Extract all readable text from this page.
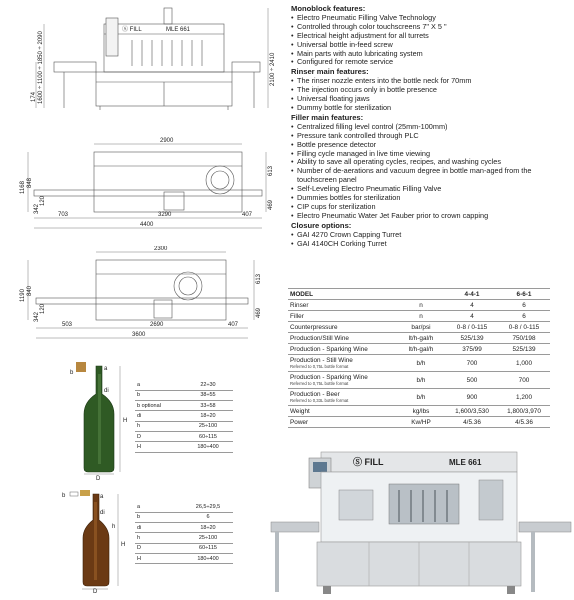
Ⓢ FILL	MLE 661
1600 ÷ 1100 ÷ 1850 ÷ 2090
174
2100 ÷ 2410
2900
1168 848
342
120
613
469
703	3290	407
4400
2300
1190 840
342
120
613
469
503	2690	407
3600
a
b
di
H
D
a	22÷30
b	38÷55
b optional	33÷58
di	18÷20
h	25÷100
D	60÷115
H	180÷400
b	a
di
h
H
D
a	26,5÷29,5
b	6
di	18÷20
h	25÷100
D	60÷115
H	180÷400
Monoblock features:
• Electro Pneumatic Filling Valve Technology
• Controlled through color touchscreens 7" X 5 "
• Electrical height adjustment for all turrets
• Universal bottle in-feed screw
• Main parts with auto lubricating system
• Configured for remote service
Rinser main features:
• The rinser nozzle enters into the bottle neck for 70mm
• The injection occurs only in bottle presence
• Universal floating jaws
• Dummy bottle for sterilization
Filler main features:
• Centralized filling level control (25mm-100mm)
• Pressure tank controlled through PLC
• Bottle presence detector
• Filling cycle managed in live time viewing
• Ability to save all operating cycles, recipes, and washing cycles
• Number of de-aerations and vacuum degree in bottle man-aged from the touchscreen panel
• Self-Leveling Electro Pneumatic Filling Valve
• Dummies bottles for sterilization
• CIP cups for sterilization
• Electro Pneumatic Water Jet Fauber prior to crown capping
Closure options:
• GAI 4270 Crown Capping Turret
• GAI 4140CH Corking Turret
MODEL		4-4-1	6-6-1
Rinser	n	4	6
Filler	n	4	6
Counterpressure	bar/psi	0-8 / 0-115	0-8 / 0-115
Production/Still Wine	lt/h-gal/h	525/139	750/198
Production - Sparking Wine	lt/h-gal/h	375/99	525/139
Production - Still Wine
Referred to 0,75L bottle format	b/h	700	1,000
Production - Sparking Wine
Referred to 0,75L bottle format	b/h	500	700
Production - Beer
Referred to 0,33L bottle format	b/h	900	1,200
Weight	kg/lbs	1,600/3,530	1,800/3,970
Power	Kw/HP	4/5.36	4/5.36
Ⓢ FILL	MLE 661
